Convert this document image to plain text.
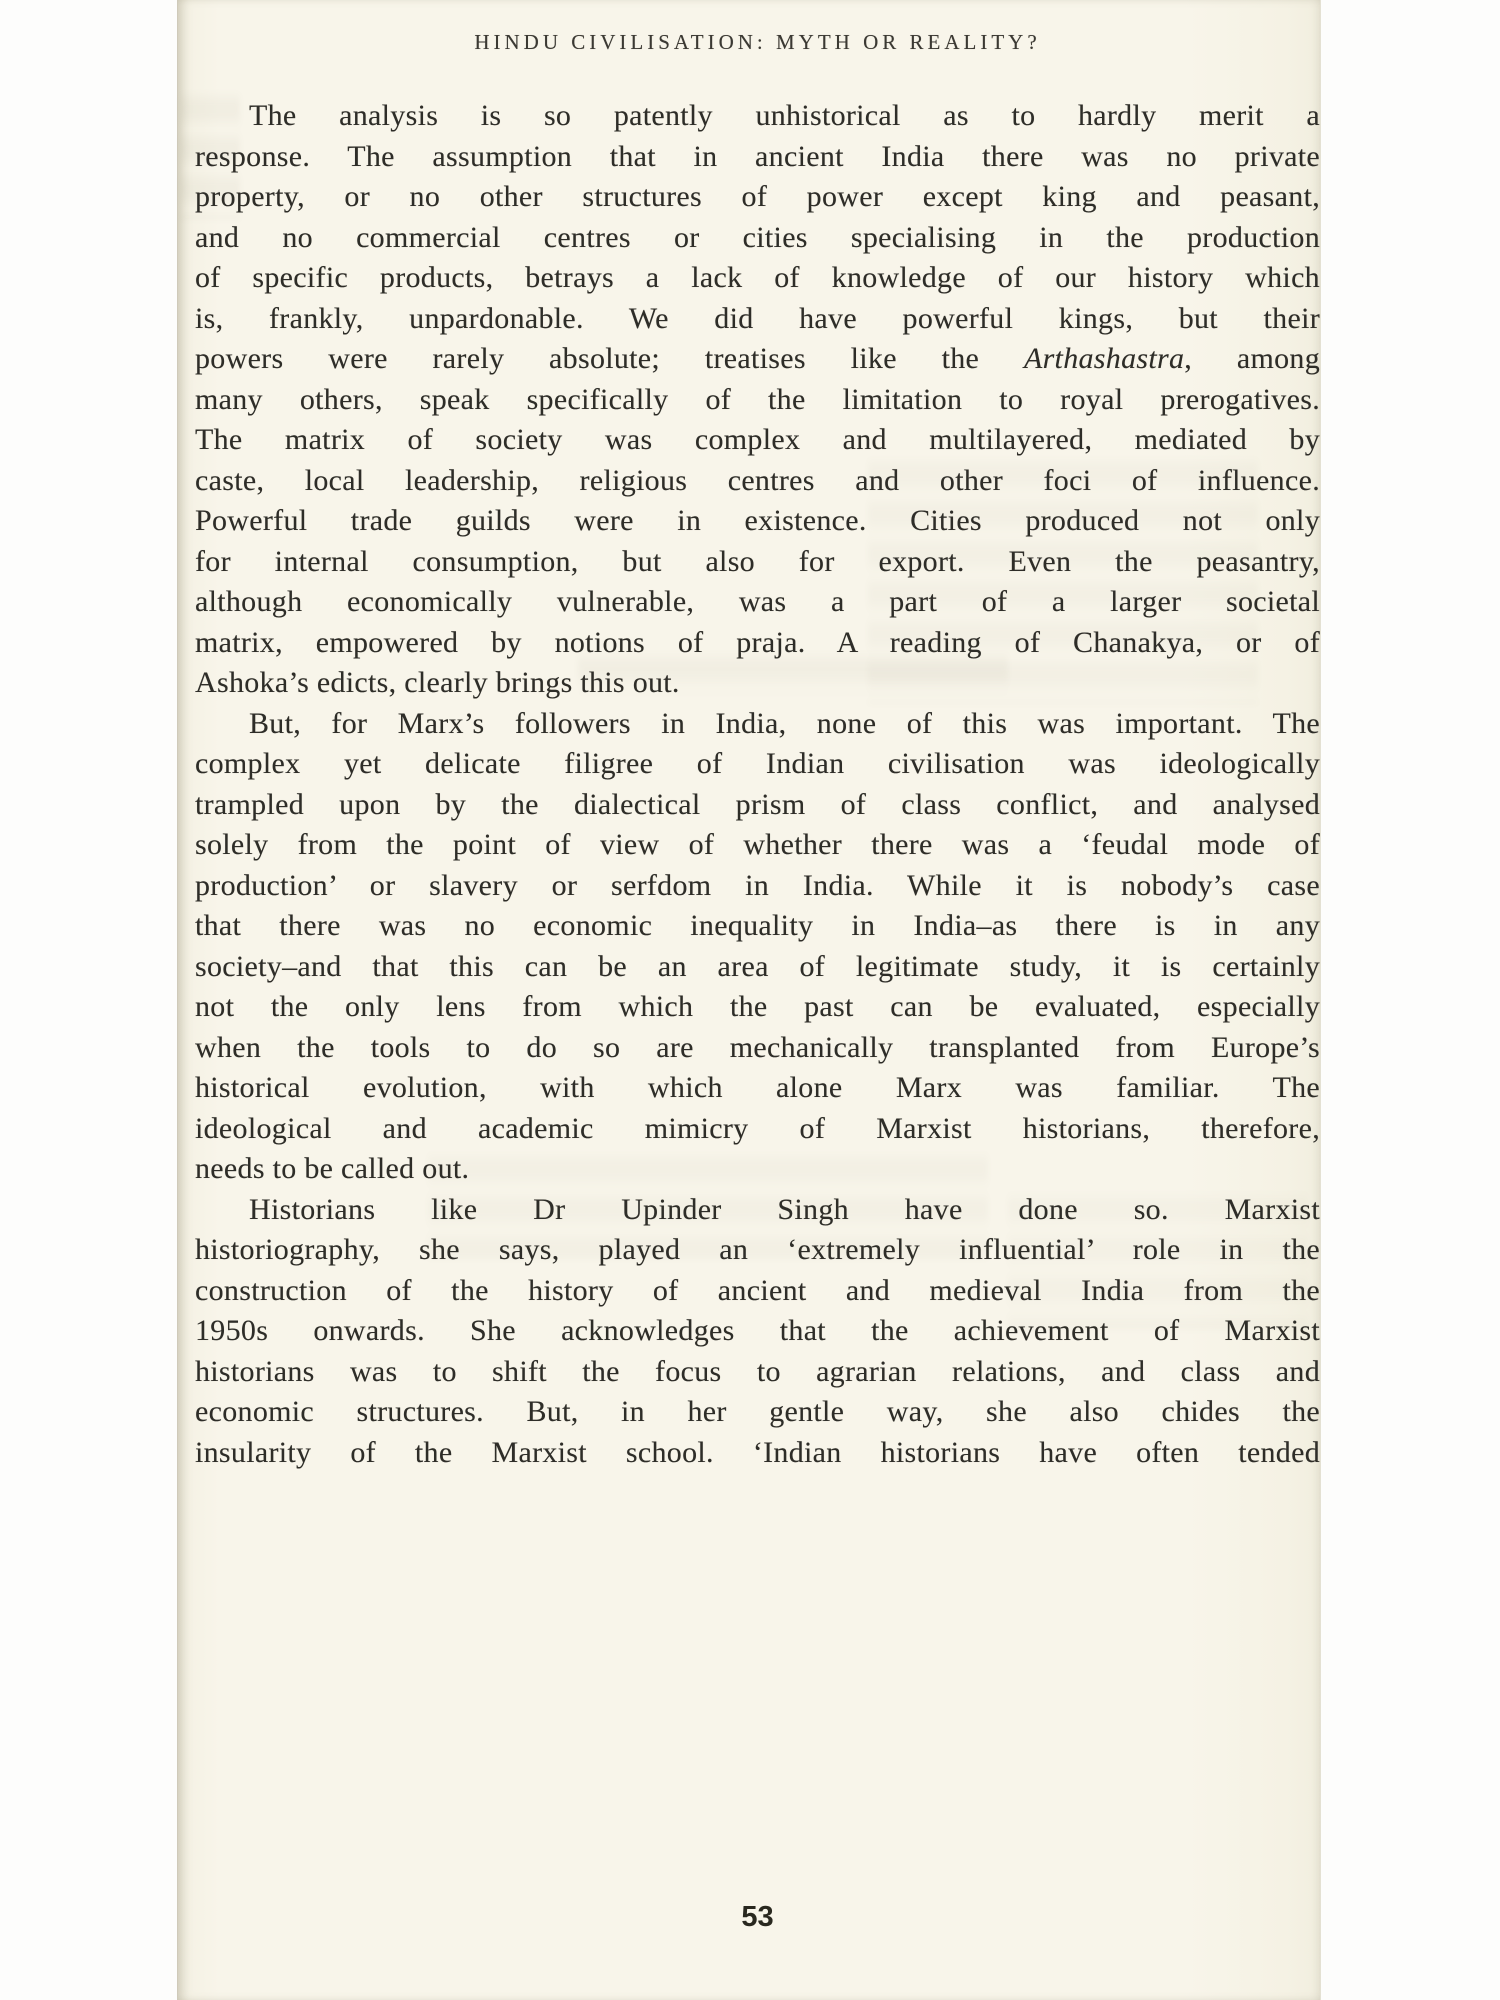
HINDU CIVILISATION: MYTH OR REALITY?
The analysis is so patently unhistorical as to hardly merit a
response. The assumption that in ancient India there was no private
property, or no other structures of power except king and peasant,
and no commercial centres or cities specialising in the production
of specific products, betrays a lack of knowledge of our history which
is, frankly, unpardonable. We did have powerful kings, but their
powers were rarely absolute; treatises like the Arthashastra, among
many others, speak specifically of the limitation to royal prerogatives.
The matrix of society was complex and multilayered, mediated by
caste, local leadership, religious centres and other foci of influence.
Powerful trade guilds were in existence. Cities produced not only
for internal consumption, but also for export. Even the peasantry,
although economically vulnerable, was a part of a larger societal
matrix, empowered by notions of praja. A reading of Chanakya, or of
Ashoka’s edicts, clearly brings this out.
But, for Marx’s followers in India, none of this was important. The
complex yet delicate filigree of Indian civilisation was ideologically
trampled upon by the dialectical prism of class conflict, and analysed
solely from the point of view of whether there was a ‘feudal mode of
production’ or slavery or serfdom in India. While it is nobody’s case
that there was no economic inequality in India–as there is in any
society–and that this can be an area of legitimate study, it is certainly
not the only lens from which the past can be evaluated, especially
when the tools to do so are mechanically transplanted from Europe’s
historical evolution, with which alone Marx was familiar. The
ideological and academic mimicry of Marxist historians, therefore,
needs to be called out.
Historians like Dr Upinder Singh have done so. Marxist
historiography, she says, played an ‘extremely influential’ role in the
construction of the history of ancient and medieval India from the
1950s onwards. She acknowledges that the achievement of Marxist
historians was to shift the focus to agrarian relations, and class and
economic structures. But, in her gentle way, she also chides the
insularity of the Marxist school. ‘Indian historians have often tended
53
